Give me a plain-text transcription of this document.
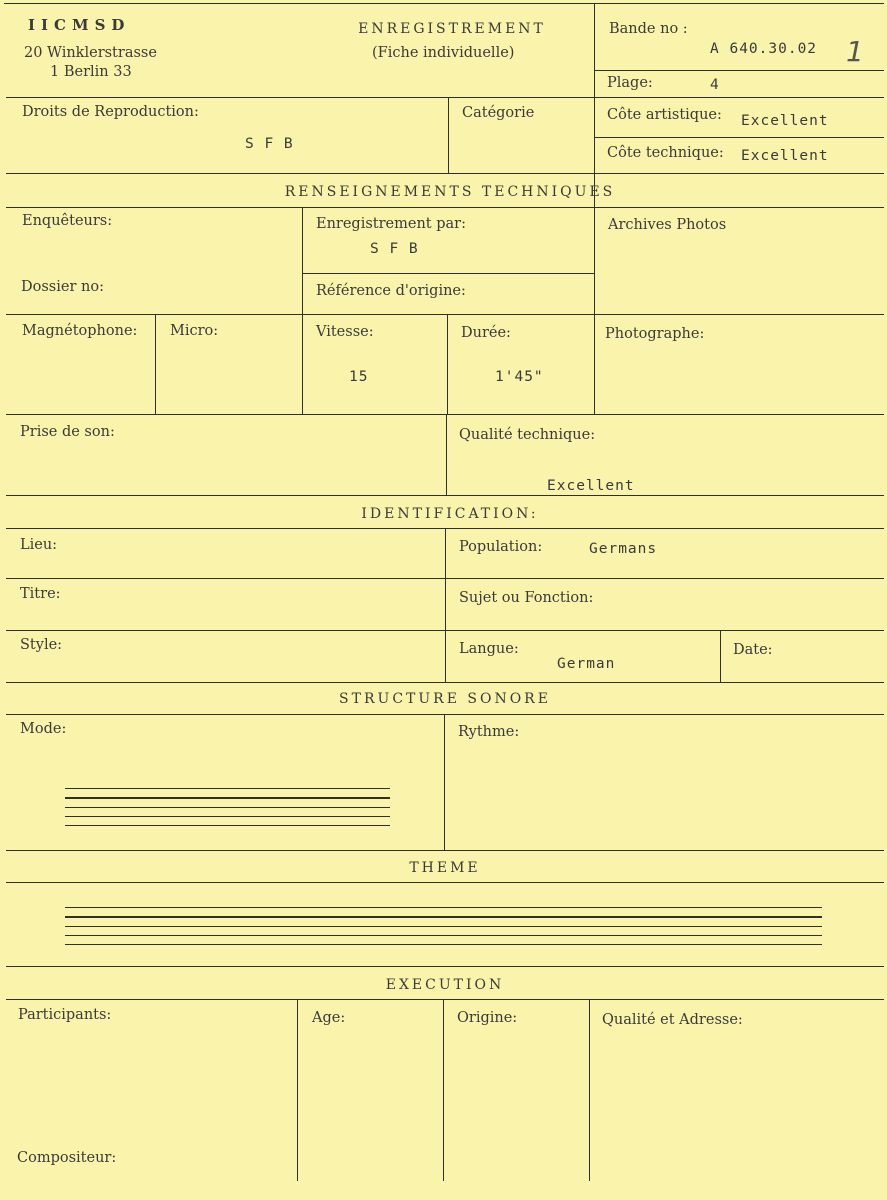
IICMSD
20 Winklerstrasse
1 Berlin 33
ENREGISTREMENT
(Fiche individuelle)
Bande no :
A 640.30.02 1
Plage:	4
Droits de Reproduction:
S F B
Catégorie	Côte artistique: Excellent
Côte technique: Excellent
RENSEIGNEMENTS TECHNIQUES
Enquêteurs:	Enregistrement par:
S F B
Archives Photos
Dossier no:	Référence d'origine:
Magnétophone: Micro:	Vitesse:
15
Durée:
1'45"
Photographe:
Prise de son:	Qualité technique:
Excellent
IDENTIFICATION:
Lieu:	Population:	Germans
Titre:	Sujet ou Fonction:
Style:	Langue:
German
Date:
STRUCTURE SONORE
Mode:	Rythme:
THEME
EXECUTION
Participants:	Age:	Origine:	Qualité et Adresse:
Compositeur:
